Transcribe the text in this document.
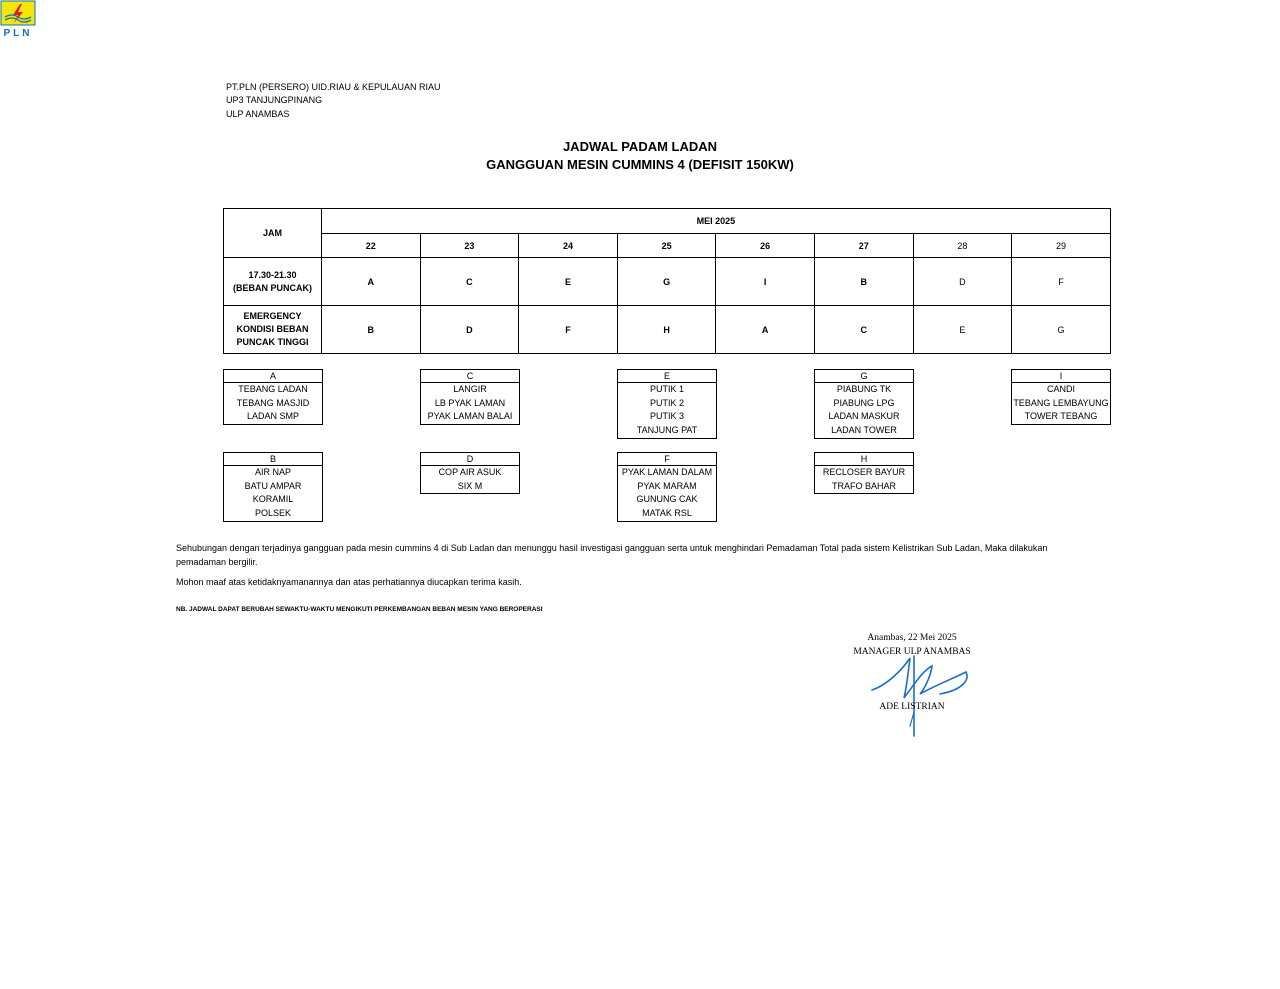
PLN
PT.PLN (PERSERO) UID.RIAU & KEPULAUAN RIAU
UP3 TANJUNGPINANG
ULP ANAMBAS
JADWAL PADAM LADAN
GANGGUAN MESIN CUMMINS 4 (DEFISIT 150KW)
JAM	MEI 2025							
	22	23	24	25	26	27	28	29

17.30-21.30
(BEBAN PUNCAK)	A	C	E	G	I	B	D	F

EMERGENCY
KONDISI BEBAN
PUNCAK TINGGI	B	D	F	H	A	C	E	G
A
TEBANG LADAN
TEBANG MASJID
LADAN SMP
C
LANGIR
LB PYAK LAMAN
PYAK LAMAN BALAI
E
PUTIK 1
PUTIK 2
PUTIK 3
TANJUNG PAT
G
PIABUNG TK
PIABUNG LPG
LADAN MASKUR
LADAN TOWER
I
CANDI
TEBANG LEMBAYUNG
TOWER TEBANG
B
AIR NAP
BATU AMPAR
KORAMIL
POLSEK
D
COP AIR ASUK
SIX M
F
PYAK LAMAN DALAM
PYAK MARAM
GUNUNG CAK
MATAK RSL
H
RECLOSER BAYUR
TRAFO BAHAR
Sehubungan dengan terjadinya gangguan pada mesin cummins 4 di Sub Ladan dan menunggu hasil investigasi gangguan serta untuk menghindari Pemadaman Total pada sistem Kelistrikan Sub Ladan, Maka dilakukan pemadaman bergilir.
Mohon maaf atas ketidaknyamanannya dan atas perhatiannya diucapkan terima kasih.
NB. JADWAL DAPAT BERUBAH SEWAKTU-WAKTU MENGIKUTI PERKEMBANGAN BEBAN MESIN YANG BEROPERASI
Anambas, 22 Mei 2025
MANAGER ULP ANAMBAS
ADE LISTRIAN
